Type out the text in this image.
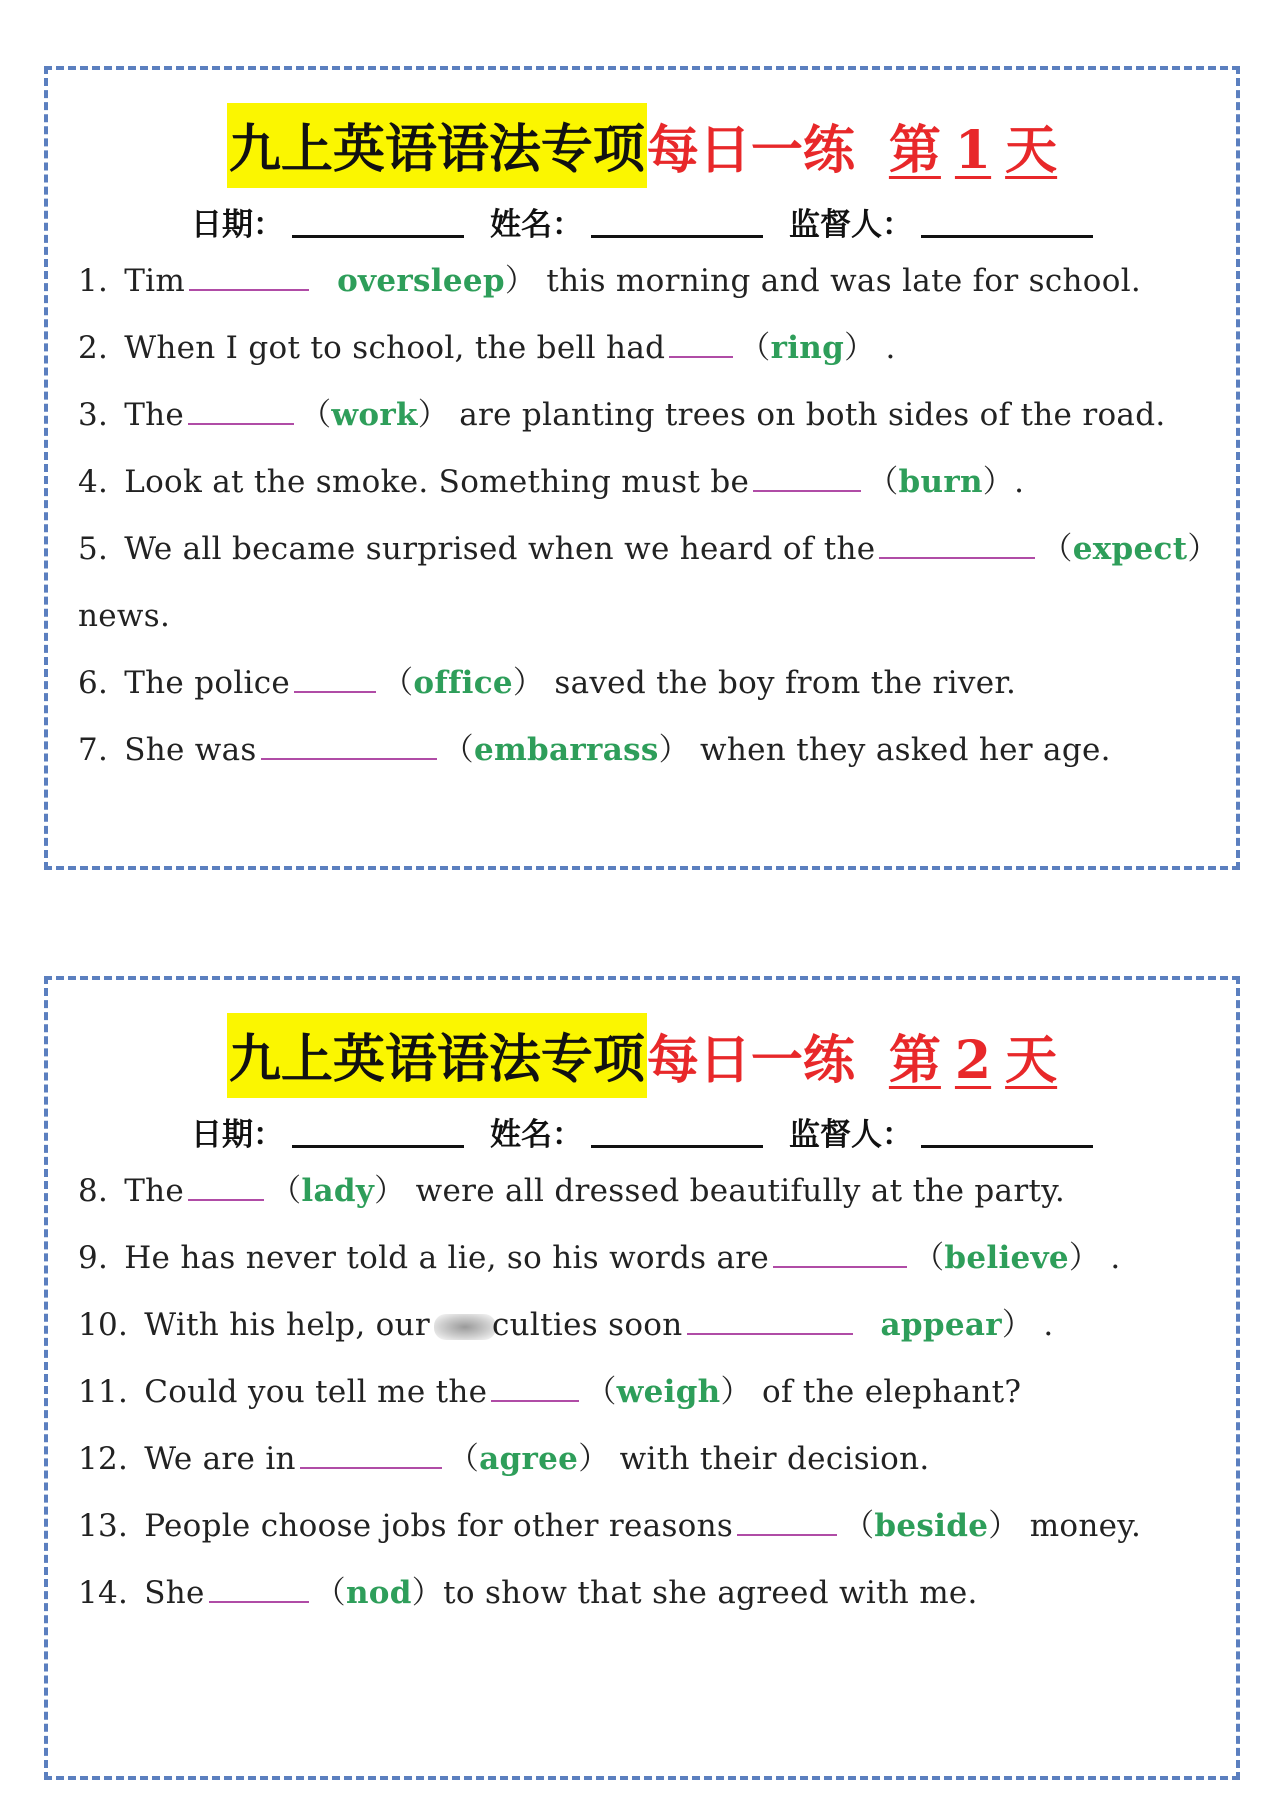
九上英语语法专项 每日一练 第 1 天
日期：	姓名：	监督人：
1. Tim	oversleep） this morning and was late for school.
2. When I got to school, the bell had （ring） .
3. The	（work） are planting trees on both sides of the road.
4. Look at the smoke. Something must be	（burn）.
5. We all became surprised when we heard of the	（expect）
news.
6. The police	（office） saved the boy from the river.
7. She was	（embarrass） when they asked her age.
九上英语语法专项 每日一练 第 2 天
日期：	姓名：	监督人：
8. The	（lady） were all dressed beautifully at the party.
9. He has never told a lie, so his words are	（believe） .
10. With his help, our culties soon	appear） .
11. Could you tell me the	（weigh） of the elephant?
12. We are in	（agree） with their decision.
13. People choose jobs for other reasons	（beside） money.
14. She	（nod）to show that she agreed with me.
